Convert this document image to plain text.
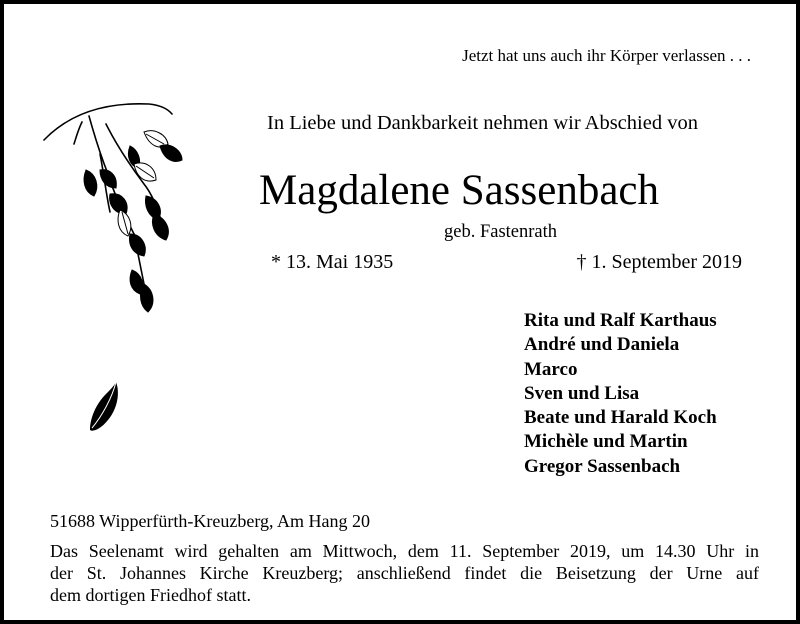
Jetzt hat uns auch ihr Körper verlassen . . .
In Liebe und Dankbarkeit nehmen wir Abschied von
Magdalene Sassenbach
geb. Fastenrath
* 13. Mai 1935	† 1. September 2019
Rita und Ralf Karthaus
André und Daniela
Marco
Sven und Lisa
Beate und Harald Koch
Michèle und Martin
Gregor Sassenbach
51688 Wipperfürth-Kreuzberg, Am Hang 20

Das Seelenamt wird gehalten am Mittwoch, dem 11. September 2019, um 14.30 Uhr in
der St. Johannes Kirche Kreuzberg; anschließend findet die Beisetzung der Urne auf
dem dortigen Friedhof statt.
